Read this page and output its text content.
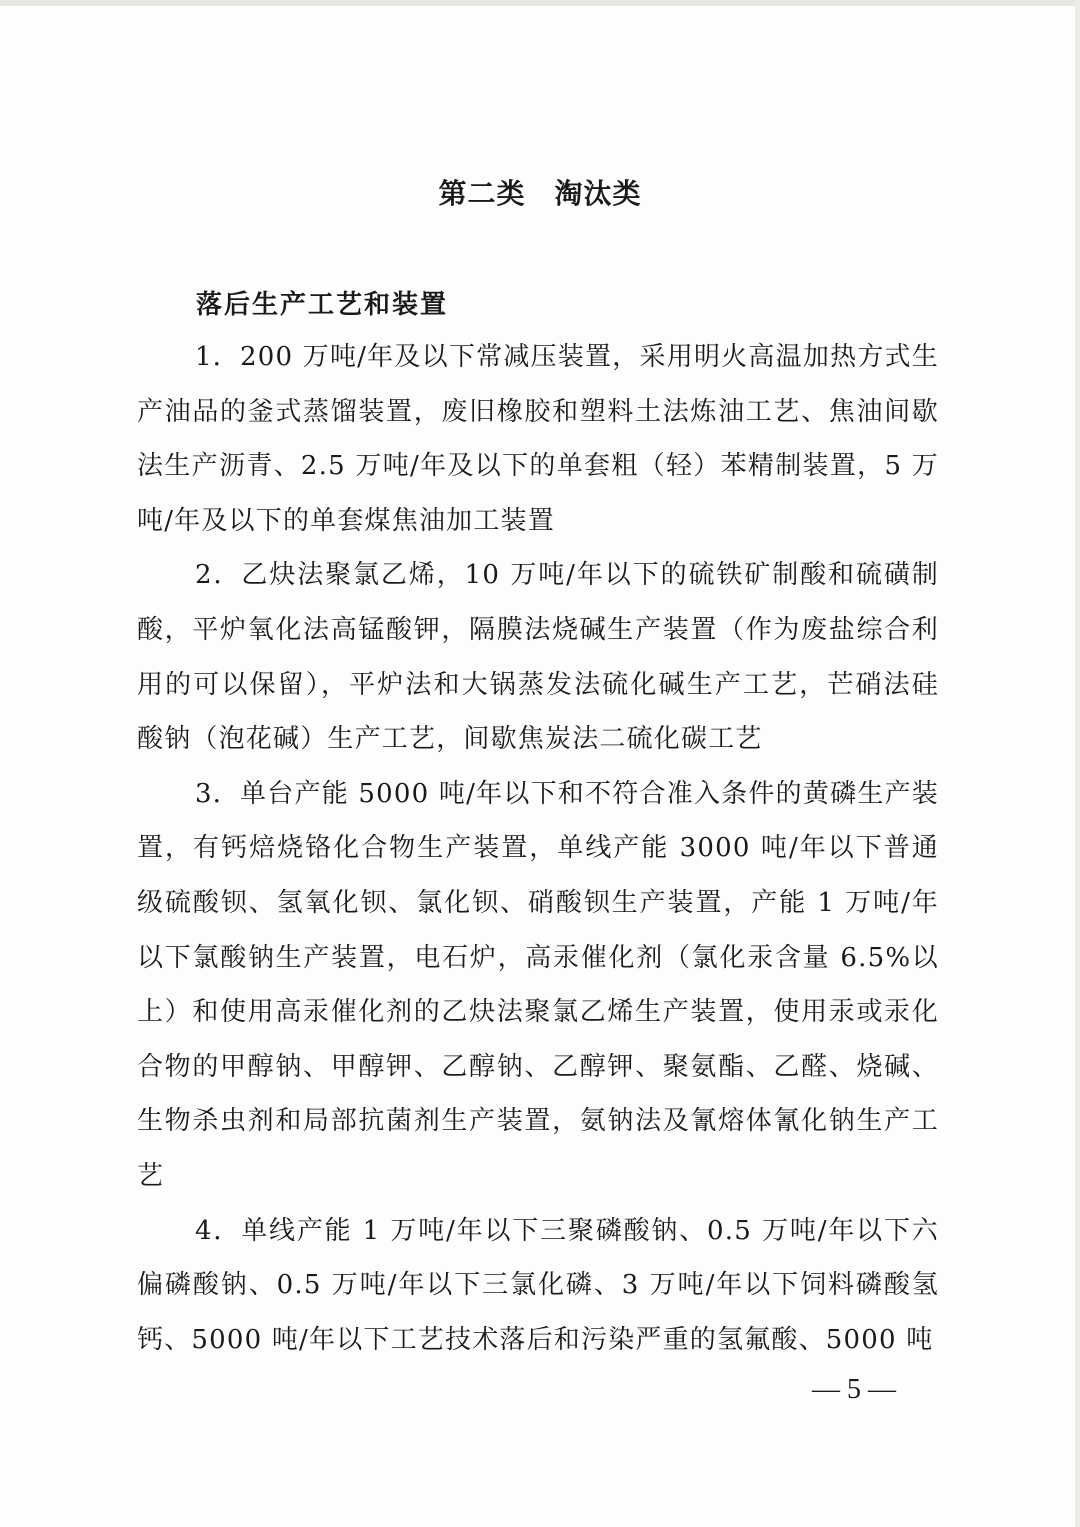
第二类　淘汰类
落后生产工艺和装置

1．200 万吨/年及以下常减压装置，采用明火高温加热方式生产油品的釜式蒸馏装置，废旧橡胶和塑料土法炼油工艺、焦油间歇法生产沥青、2.5 万吨/年及以下的单套粗（轻）苯精制装置，5 万吨/年及以下的单套煤焦油加工装置

2．乙炔法聚氯乙烯，10 万吨/年以下的硫铁矿制酸和硫磺制酸，平炉氧化法高锰酸钾，隔膜法烧碱生产装置（作为废盐综合利用的可以保留），平炉法和大锅蒸发法硫化碱生产工艺，芒硝法硅酸钠（泡花碱）生产工艺，间歇焦炭法二硫化碳工艺

3．单台产能 5000 吨/年以下和不符合准入条件的黄磷生产装置，有钙焙烧铬化合物生产装置，单线产能 3000 吨/年以下普通级硫酸钡、氢氧化钡、氯化钡、硝酸钡生产装置，产能 1 万吨/年以下氯酸钠生产装置，电石炉，高汞催化剂（氯化汞含量 6.5%以上）和使用高汞催化剂的乙炔法聚氯乙烯生产装置，使用汞或汞化合物的甲醇钠、甲醇钾、乙醇钠、乙醇钾、聚氨酯、乙醛、烧碱、生物杀虫剂和局部抗菌剂生产装置，氨钠法及氰熔体氰化钠生产工艺

4．单线产能 1 万吨/年以下三聚磷酸钠、0.5 万吨/年以下六偏磷酸钠、0.5 万吨/年以下三氯化磷、3 万吨/年以下饲料磷酸氢钙、5000 吨/年以下工艺技术落后和污染严重的氢氟酸、5000 吨

— 5 —
